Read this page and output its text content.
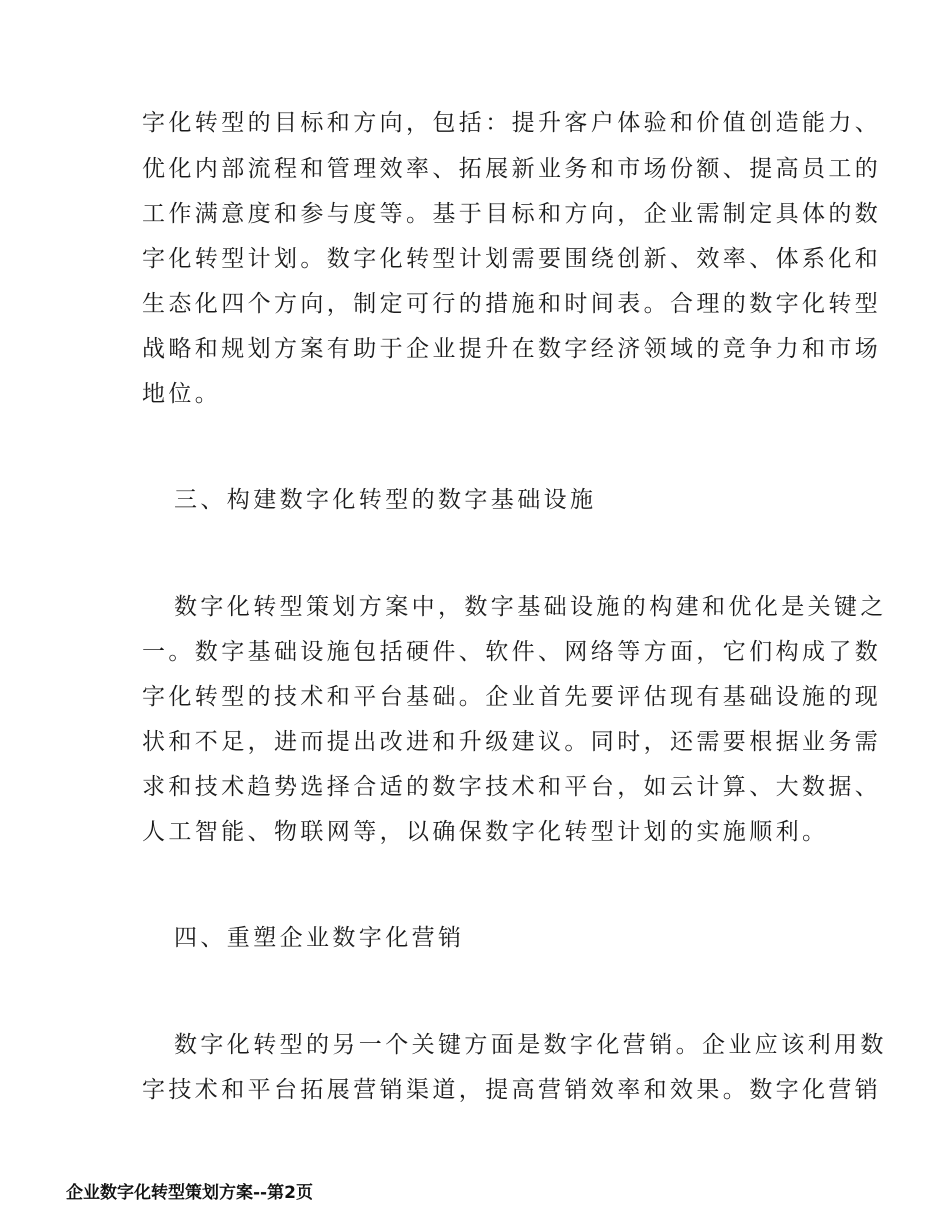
字化转型的目标和方向，包括：提升客户体验和价值创造能力、
优化内部流程和管理效率、拓展新业务和市场份额、提高员工的
工作满意度和参与度等。基于目标和方向，企业需制定具体的数
字化转型计划。数字化转型计划需要围绕创新、效率、体系化和
生态化四个方向，制定可行的措施和时间表。合理的数字化转型
战略和规划方案有助于企业提升在数字经济领域的竞争力和市场
地位。
三、构建数字化转型的数字基础设施
数字化转型策划方案中，数字基础设施的构建和优化是关键之
一。数字基础设施包括硬件、软件、网络等方面，它们构成了数
字化转型的技术和平台基础。企业首先要评估现有基础设施的现
状和不足，进而提出改进和升级建议。同时，还需要根据业务需
求和技术趋势选择合适的数字技术和平台，如云计算、大数据、
人工智能、物联网等，以确保数字化转型计划的实施顺利。
四、重塑企业数字化营销
数字化转型的另一个关键方面是数字化营销。企业应该利用数
字技术和平台拓展营销渠道，提高营销效率和效果。数字化营销
企业数字化转型策划方案--第2页
